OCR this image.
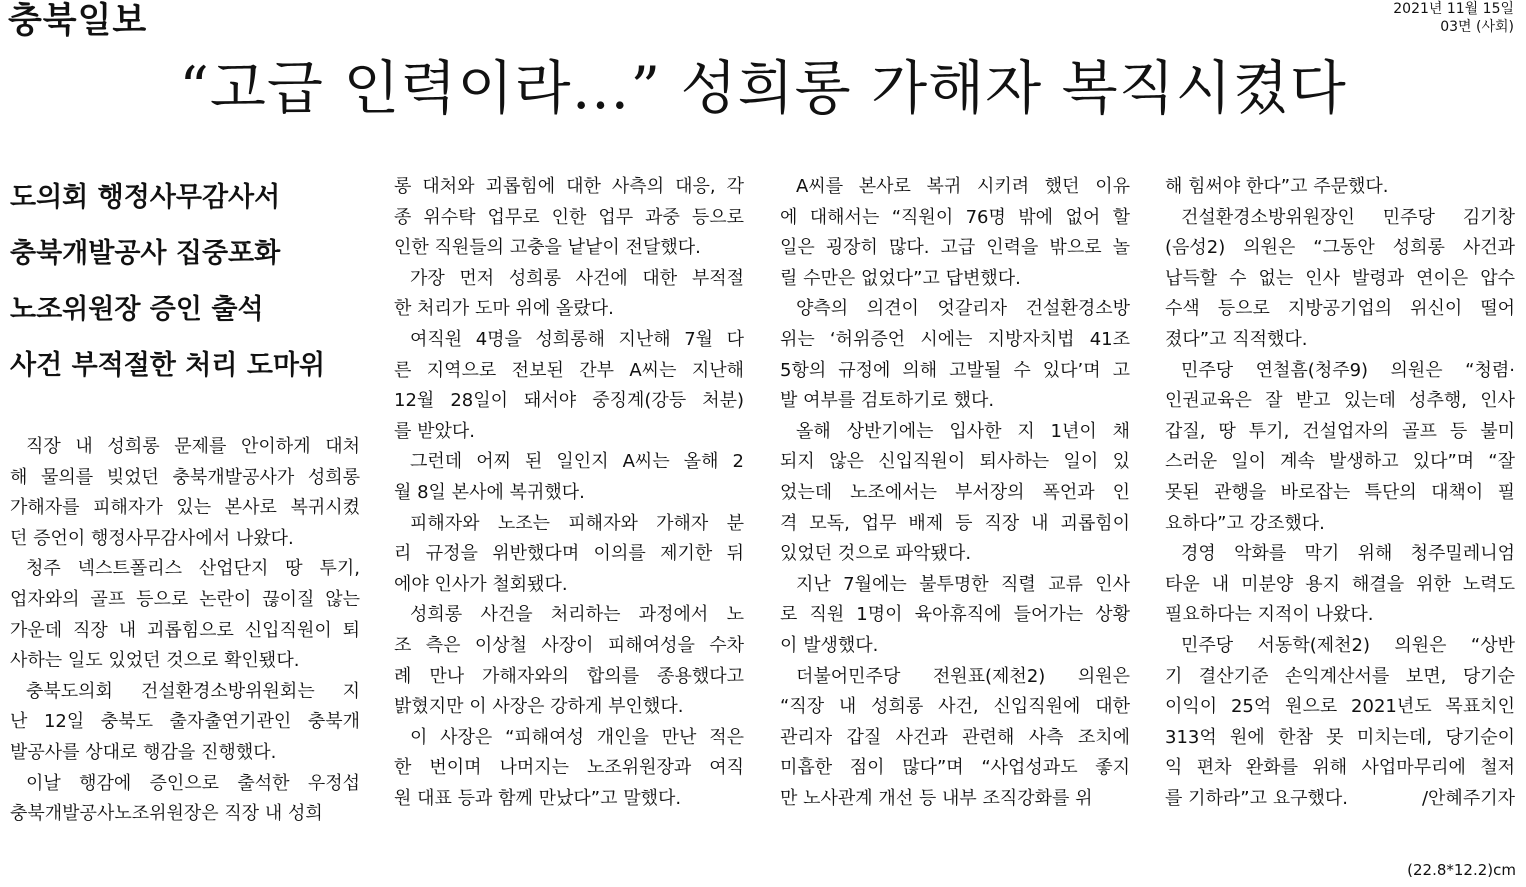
충북일보	2021년 11월 15일
03면 (사회)
“고급 인력이라…” 성희롱 가해자 복직시켰다
도의회 행정사무감사서
충북개발공사 집중포화
노조위원장 증인 출석
사건 부적절한 처리 도마위

직장 내 성희롱 문제를 안이하게 대처
해 물의를 빚었던 충북개발공사가 성희롱
가해자를 피해자가 있는 본사로 복귀시켰
던 증언이 행정사무감사에서 나왔다.

청주 넥스트폴리스 산업단지 땅 투기,
업자와의 골프 등으로 논란이 끊이질 않는
가운데 직장 내 괴롭힘으로 신입직원이 퇴
사하는 일도 있었던 것으로 확인됐다.

충북도의회 건설환경소방위원회는 지
난 12일 충북도 출자출연기관인 충북개
발공사를 상대로 행감을 진행했다.

이날 행감에 증인으로 출석한 우정섭
충북개발공사노조위원장은 직장 내 성희

롱 대처와 괴롭힘에 대한 사측의 대응, 각
종 위수탁 업무로 인한 업무 과중 등으로
인한 직원들의 고충을 낱낱이 전달했다.

가장 먼저 성희롱 사건에 대한 부적절
한 처리가 도마 위에 올랐다.

여직원 4명을 성희롱해 지난해 7월 다
른 지역으로 전보된 간부 A씨는 지난해
12월 28일이 돼서야 중징계(강등 처분)
를 받았다.

그런데 어찌 된 일인지 A씨는 올해 2
월 8일 본사에 복귀했다.

피해자와 노조는 피해자와 가해자 분
리 규정을 위반했다며 이의를 제기한 뒤
에야 인사가 철회됐다.

성희롱 사건을 처리하는 과정에서 노
조 측은 이상철 사장이 피해여성을 수차
례 만나 가해자와의 합의를 종용했다고
밝혔지만 이 사장은 강하게 부인했다.

이 사장은 “피해여성 개인을 만난 적은
한 번이며 나머지는 노조위원장과 여직
원 대표 등과 함께 만났다”고 말했다.

A씨를 본사로 복귀 시키려 했던 이유
에 대해서는 “직원이 76명 밖에 없어 할
일은 굉장히 많다. 고급 인력을 밖으로 놀
릴 수만은 없었다”고 답변했다.

양측의 의견이 엇갈리자 건설환경소방
위는 ‘허위증언 시에는 지방자치법 41조
5항의 규정에 의해 고발될 수 있다’며 고
발 여부를 검토하기로 했다.

올해 상반기에는 입사한 지 1년이 채
되지 않은 신입직원이 퇴사하는 일이 있
었는데 노조에서는 부서장의 폭언과 인
격 모독, 업무 배제 등 직장 내 괴롭힘이
있었던 것으로 파악됐다.

지난 7월에는 불투명한 직렬 교류 인사
로 직원 1명이 육아휴직에 들어가는 상황
이 발생했다.

더불어민주당 전원표(제천2) 의원은
“직장 내 성희롱 사건, 신입직원에 대한
관리자 갑질 사건과 관련해 사측 조치에
미흡한 점이 많다”며 “사업성과도 좋지
만 노사관계 개선 등 내부 조직강화를 위

해 힘써야 한다”고 주문했다.

건설환경소방위원장인 민주당 김기창
(음성2) 의원은 “그동안 성희롱 사건과
납득할 수 없는 인사 발령과 연이은 압수
수색 등으로 지방공기업의 위신이 떨어
졌다”고 직적했다.

민주당 연철흠(청주9) 의원은 “청렴·
인권교육은 잘 받고 있는데 성추행, 인사
갑질, 땅 투기, 건설업자의 골프 등 불미
스러운 일이 계속 발생하고 있다”며 “잘
못된 관행을 바로잡는 특단의 대책이 필
요하다”고 강조했다.

경영 악화를 막기 위해 청주밀레니엄
타운 내 미분양 용지 해결을 위한 노력도
필요하다는 지적이 나왔다.

민주당 서동학(제천2) 의원은 “상반
기 결산기준 손익계산서를 보면, 당기순
이익이 25억 원으로 2021년도 목표치인
313억 원에 한참 못 미치는데, 당기순이
익 편차 완화를 위해 사업마무리에 철저
를 기하라”고 요구했다.	/안혜주기자

(22.8*12.2)cm
